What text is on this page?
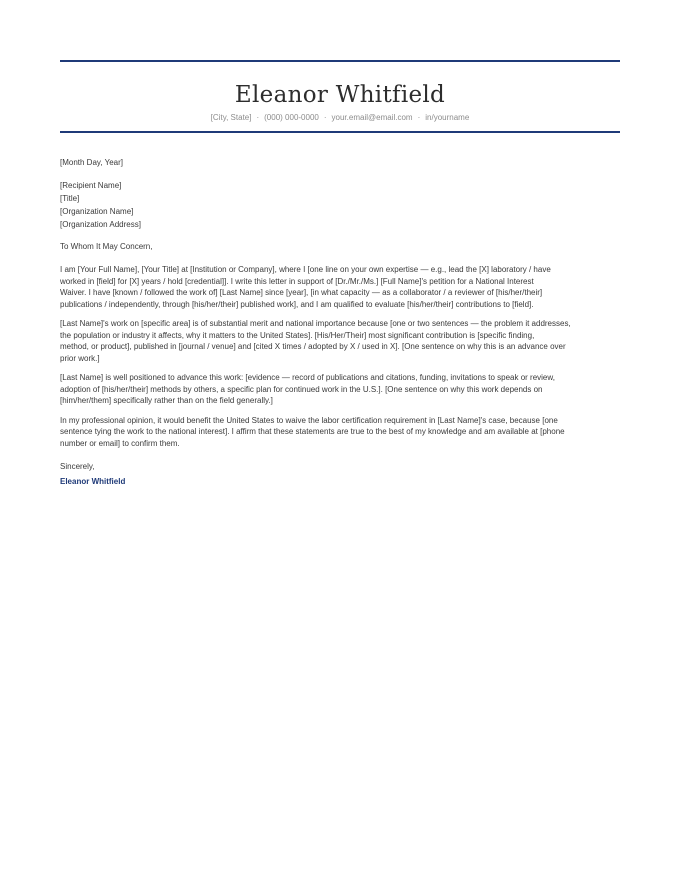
Eleanor Whitfield
[City, State] · (000) 000-0000 · your.email@email.com · in/yourname
[Month Day, Year]
[Recipient Name]
[Title]
[Organization Name]
[Organization Address]
To Whom It May Concern,
I am [Your Full Name], [Your Title] at [Institution or Company], where I [one line on your own expertise — e.g., lead the [X] laboratory / have
worked in [field] for [X] years / hold [credential]]. I write this letter in support of [Dr./Mr./Ms.] [Full Name]'s petition for a National Interest
Waiver. I have [known / followed the work of] [Last Name] since [year], [in what capacity — as a collaborator / a reviewer of [his/her/their]
publications / independently, through [his/her/their] published work], and I am qualified to evaluate [his/her/their] contributions to [field].
[Last Name]'s work on [specific area] is of substantial merit and national importance because [one or two sentences — the problem it addresses,
the population or industry it affects, why it matters to the United States]. [His/Her/Their] most significant contribution is [specific finding,
method, or product], published in [journal / venue] and [cited X times / adopted by X / used in X]. [One sentence on why this is an advance over
prior work.]
[Last Name] is well positioned to advance this work: [evidence — record of publications and citations, funding, invitations to speak or review,
adoption of [his/her/their] methods by others, a specific plan for continued work in the U.S.]. [One sentence on why this work depends on
[him/her/them] specifically rather than on the field generally.]
In my professional opinion, it would benefit the United States to waive the labor certification requirement in [Last Name]'s case, because [one
sentence tying the work to the national interest]. I affirm that these statements are true to the best of my knowledge and am available at [phone
number or email] to confirm them.
Sincerely,
Eleanor Whitfield
